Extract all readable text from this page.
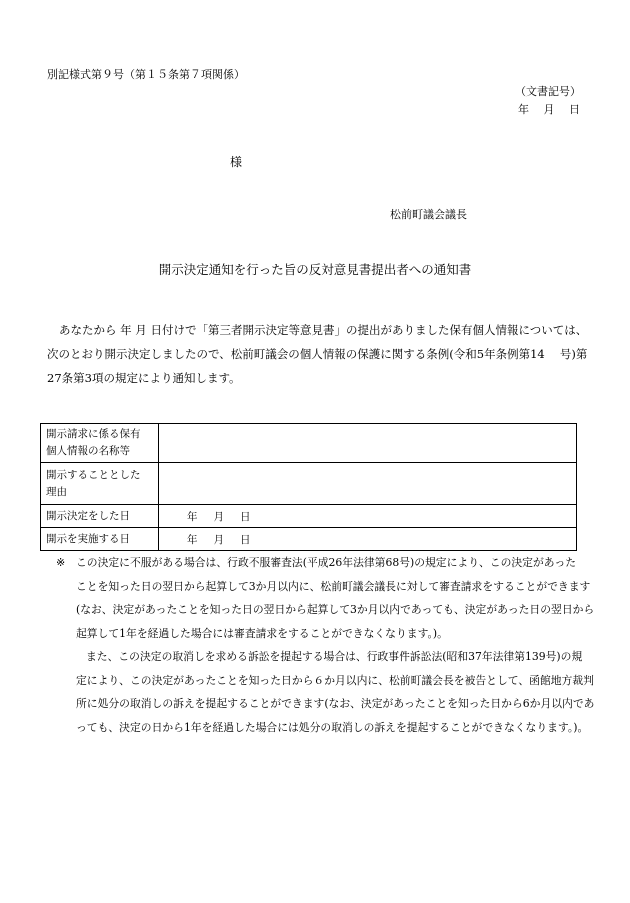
別記様式第９号（第１５条第７項関係）
（文書記号）
年  月  日
様
松前町議会議長
開示決定通知を行った旨の反対意見書提出者への通知書
あなたから 年 月 日付けで「第三者開示決定等意見書」の提出がありました保有個人情報については、
次のとおり開示決定しましたので、松前町議会の個人情報の保護に関する条例(令和5年条例第14　 号)第
27条第3項の規定により通知します。
開示請求に係る保有
個人情報の名称等	
開示することとした
理由	
開示決定をした日	年 月 日
開示を実施する日	年 月 日
※ この決定に不服がある場合は、行政不服審査法(平成26年法律第68号)の規定により、この決定があった
ことを知った日の翌日から起算して3か月以内に、松前町議会議長に対して審査請求をすることができます
(なお、決定があったことを知った日の翌日から起算して3か月以内であっても、決定があった日の翌日から
起算して1年を経過した場合には審査請求をすることができなくなります。)。
また、この決定の取消しを求める訴訟を提起する場合は、行政事件訴訟法(昭和37年法律第139号)の規
定により、この決定があったことを知った日から６か月以内に、松前町議会長を被告として、函館地方裁判
所に処分の取消しの訴えを提起することができます(なお、決定があったことを知った日から6か月以内であ
っても、決定の日から1年を経過した場合には処分の取消しの訴えを提起することができなくなります。)。
